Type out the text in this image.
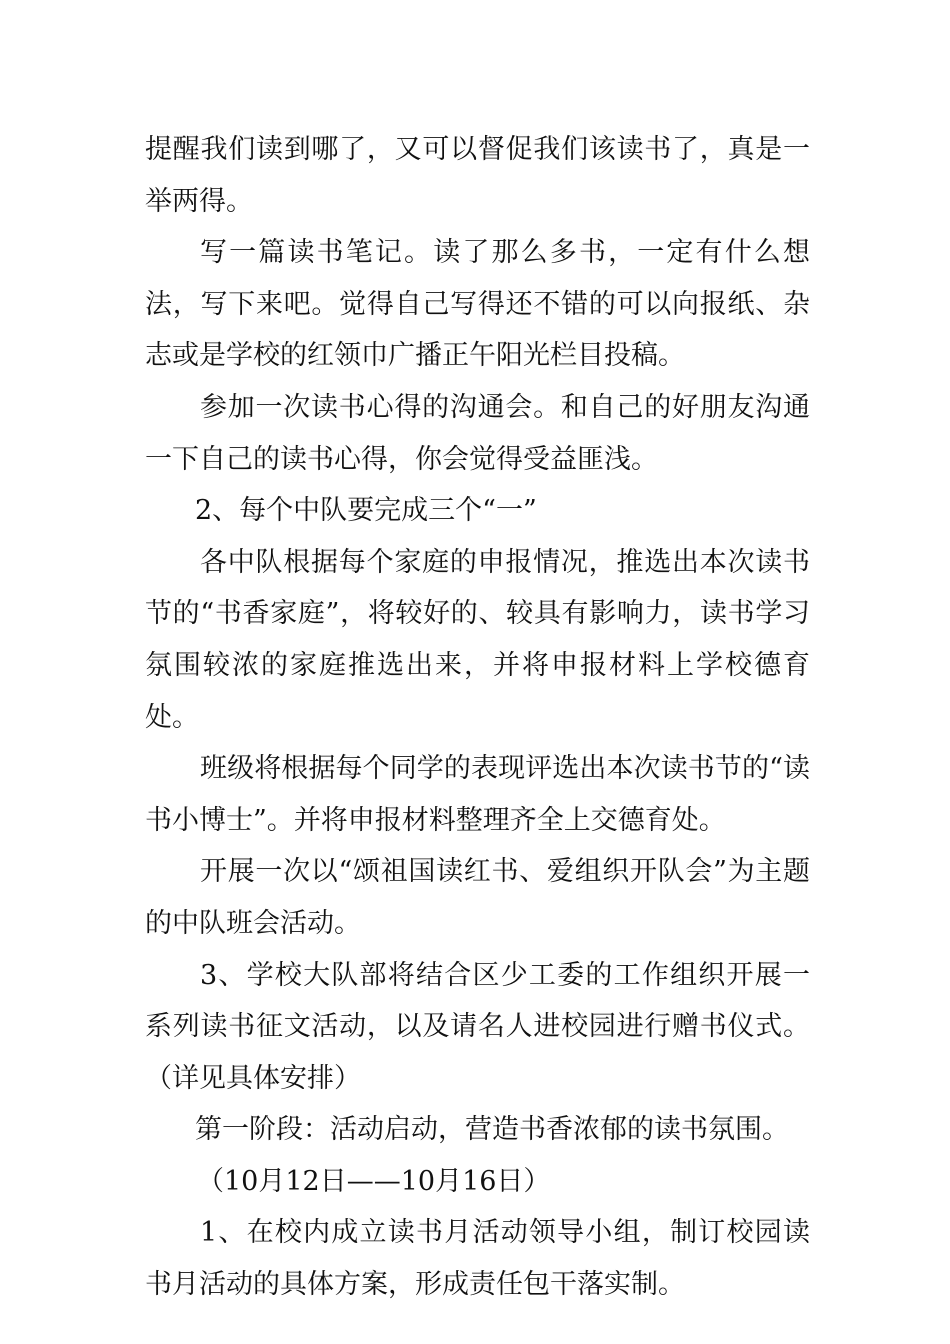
提醒我们读到哪了，又可以督促我们该读书了，真是一举两得。

写一篇读书笔记。读了那么多书，一定有什么想法，写下来吧。觉得自己写得还不错的可以向报纸、杂志或是学校的红领巾广播正午阳光栏目投稿。

参加一次读书心得的沟通会。和自己的好朋友沟通一下自己的读书心得，你会觉得受益匪浅。

2、每个中队要完成三个“一”

各中队根据每个家庭的申报情况，推选出本次读书节的“书香家庭”，将较好的、较具有影响力，读书学习氛围较浓的家庭推选出来，并将申报材料上学校德育处。

班级将根据每个同学的表现评选出本次读书节的“读书小博士”。并将申报材料整理齐全上交德育处。

开展一次以“颂祖国读红书、爱组织开队会”为主题的中队班会活动。

3、学校大队部将结合区少工委的工作组织开展一系列读书征文活动，以及请名人进校园进行赠书仪式。（详见具体安排）

第一阶段：活动启动，营造书香浓郁的读书氛围。

（10月12日——10月16日）

1、在校内成立读书月活动领导小组，制订校园读书月活动的具体方案，形成责任包干落实制。
